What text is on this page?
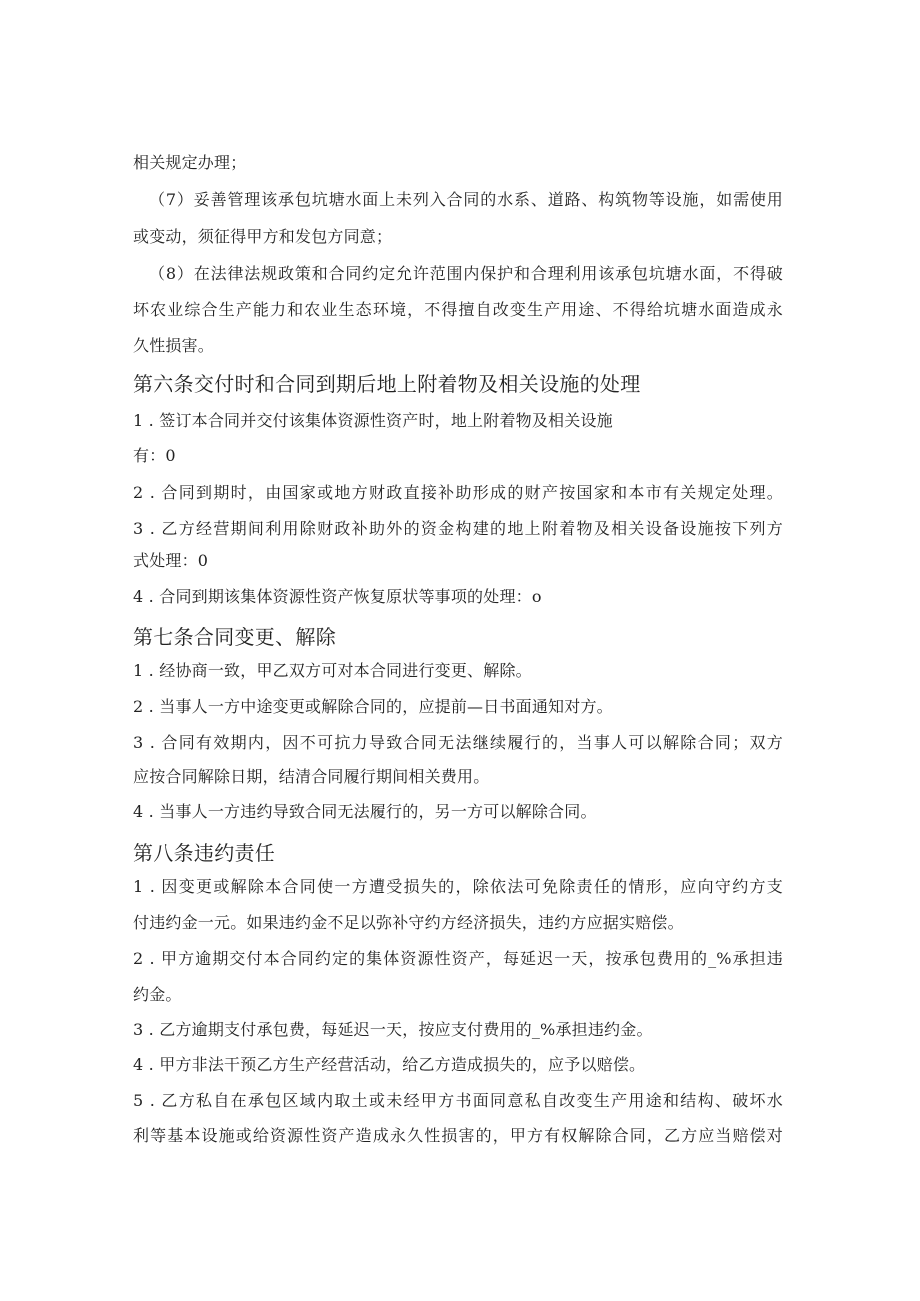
相关规定办理；
（7）妥善管理该承包坑塘水面上未列入合同的水系、道路、构筑物等设施，如需使用
或变动，须征得甲方和发包方同意；
（8）在法律法规政策和合同约定允许范围内保护和合理利用该承包坑塘水面，不得破
坏农业综合生产能力和农业生态环境，不得擅自改变生产用途、不得给坑塘水面造成永
久性损害。
第六条交付时和合同到期后地上附着物及相关设施的处理
1 . 签订本合同并交付该集体资源性资产时，地上附着物及相关设施
有：0
2 . 合同到期时，由国家或地方财政直接补助形成的财产按国家和本市有关规定处理。
3 . 乙方经营期间利用除财政补助外的资金构建的地上附着物及相关设备设施按下列方
式处理：0
4 . 合同到期该集体资源性资产恢复原状等事项的处理：o
第七条合同变更、解除
1 . 经协商一致，甲乙双方可对本合同进行变更、解除。
2 . 当事人一方中途变更或解除合同的，应提前—日书面通知对方。
3 . 合同有效期内，因不可抗力导致合同无法继续履行的，当事人可以解除合同；双方
应按合同解除日期，结清合同履行期间相关费用。
4 . 当事人一方违约导致合同无法履行的，另一方可以解除合同。
第八条违约责任
1 . 因变更或解除本合同使一方遭受损失的，除依法可免除责任的情形，应向守约方支
付违约金一元。如果违约金不足以弥补守约方经济损失，违约方应据实赔偿。
2 . 甲方逾期交付本合同约定的集体资源性资产，每延迟一天，按承包费用的_%承担违
约金。
3 . 乙方逾期支付承包费，每延迟一天，按应支付费用的_%承担违约金。
4 . 甲方非法干预乙方生产经营活动，给乙方造成损失的，应予以赔偿。
5 . 乙方私自在承包区域内取土或未经甲方书面同意私自改变生产用途和结构、破坏水
利等基本设施或给资源性资产造成永久性损害的，甲方有权解除合同，乙方应当赔偿对
